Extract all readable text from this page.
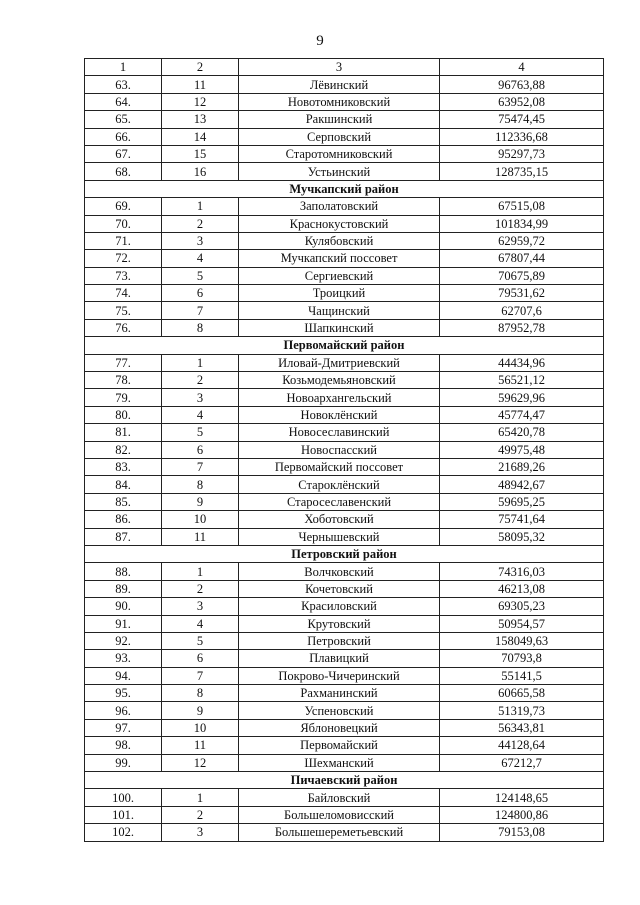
9
1	2	3	4
63.	11	Лёвинский	96763,88
64.	12	Новотомниковский	63952,08
65.	13	Ракшинский	75474,45
66.	14	Серповский	112336,68
67.	15	Старотомниковский	95297,73
68.	16	Устьинский	128735,15
Мучкапский район			
69.	1	Заполатовский	67515,08
70.	2	Краснокустовский	101834,99
71.	3	Кулябовский	62959,72
72.	4	Мучкапский поссовет	67807,44
73.	5	Сергиевский	70675,89
74.	6	Троицкий	79531,62
75.	7	Чащинский	62707,6
76.	8	Шапкинский	87952,78
Первомайский район			
77.	1	Иловай-Дмитриевский	44434,96
78.	2	Козьмодемьяновский	56521,12
79.	3	Новоархангельский	59629,96
80.	4	Новоклёнский	45774,47
81.	5	Новосеславинский	65420,78
82.	6	Новоспасский	49975,48
83.	7	Первомайский поссовет	21689,26
84.	8	Староклёнский	48942,67
85.	9	Старосеславенский	59695,25
86.	10	Хоботовский	75741,64
87.	11	Чернышевский	58095,32
Петровский район			
88.	1	Волчковский	74316,03
89.	2	Кочетовский	46213,08
90.	3	Красиловский	69305,23
91.	4	Крутовский	50954,57
92.	5	Петровский	158049,63
93.	6	Плавицкий	70793,8
94.	7	Покрово-Чичеринский	55141,5
95.	8	Рахманинский	60665,58
96.	9	Успеновский	51319,73
97.	10	Яблоновецкий	56343,81
98.	11	Первомайский	44128,64
99.	12	Шехманский	67212,7
Пичаевский район			
100.	1	Байловский	124148,65
101.	2	Большеломовисский	124800,86
102.	3	Большешереметьевский	79153,08
